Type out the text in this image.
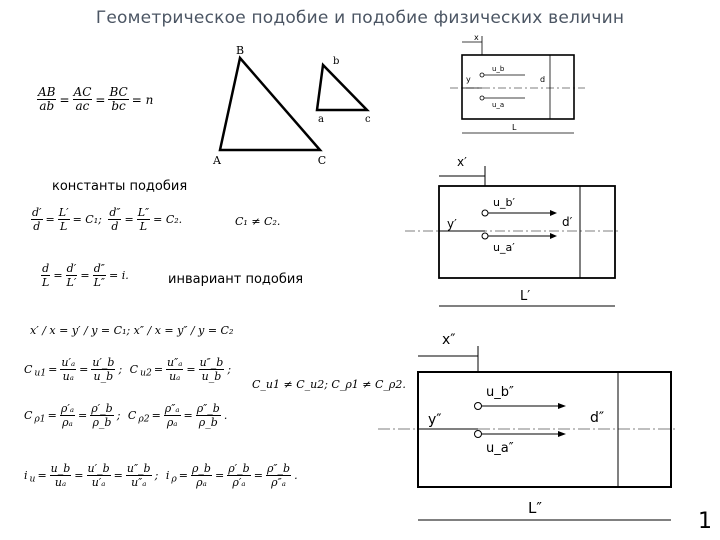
Геометрическое подобие и подобие физических величин
B
A	C
b
a	c
$\frac{AB}{ab} = \frac{AC}{ac} = \frac{BC}{bc} = n$
константы подобия
$\frac{d'}{d} = \frac{L'}{L} = C_1$; $\frac{d''}{d} = \frac{L''}{L} = C_2$.	C₁ ≠ C₂.
$\frac{d}{L} = \frac{d'}{L'} = \frac{d''}{L''} = i$.	инвариант подобия
x′ / x = y′ / y = C₁; x″ / x = y″ / y = C₂
C $_{u1} = \frac{\text{u′ₐ}}{\text{uₐ}} = \frac{u'\_b}{u\_b}$ ; C $_{u2} = \frac{\text{u″ₐ}}{\text{uₐ}} = \frac{u''\_b}{u\_b}$ ;
C_u1 ≠ C_u2; C_ρ1 ≠ C_ρ2.
C $_{\rho 1} = \frac{\text{ρ′ₐ}}{\text{ρₐ}} = \frac{\rho'\_b}{\rho\_b}$ ; C $_{\rho 2} = \frac{\text{ρ″ₐ}}{\text{ρₐ}} = \frac{\rho''\_b}{\rho\_b}$ .
i $_u = \frac{u\_b}{\text{uₐ}} = \frac{u'\_b}{\text{u′ₐ}} = \frac{u''\_b}{\text{u″ₐ}}$ ; i $_\rho = \frac{\rho\_b}{\text{ρₐ}} = \frac{\rho'\_b}{\text{ρ′ₐ}} = \frac{\rho''\_b}{\text{ρ″ₐ}}$ .
x
y
u_b
u_a
d
L
x′
y′
u_b′
u_a′
d′
L′
x″
y″
u_b″
u_a″
d″
L″
1
